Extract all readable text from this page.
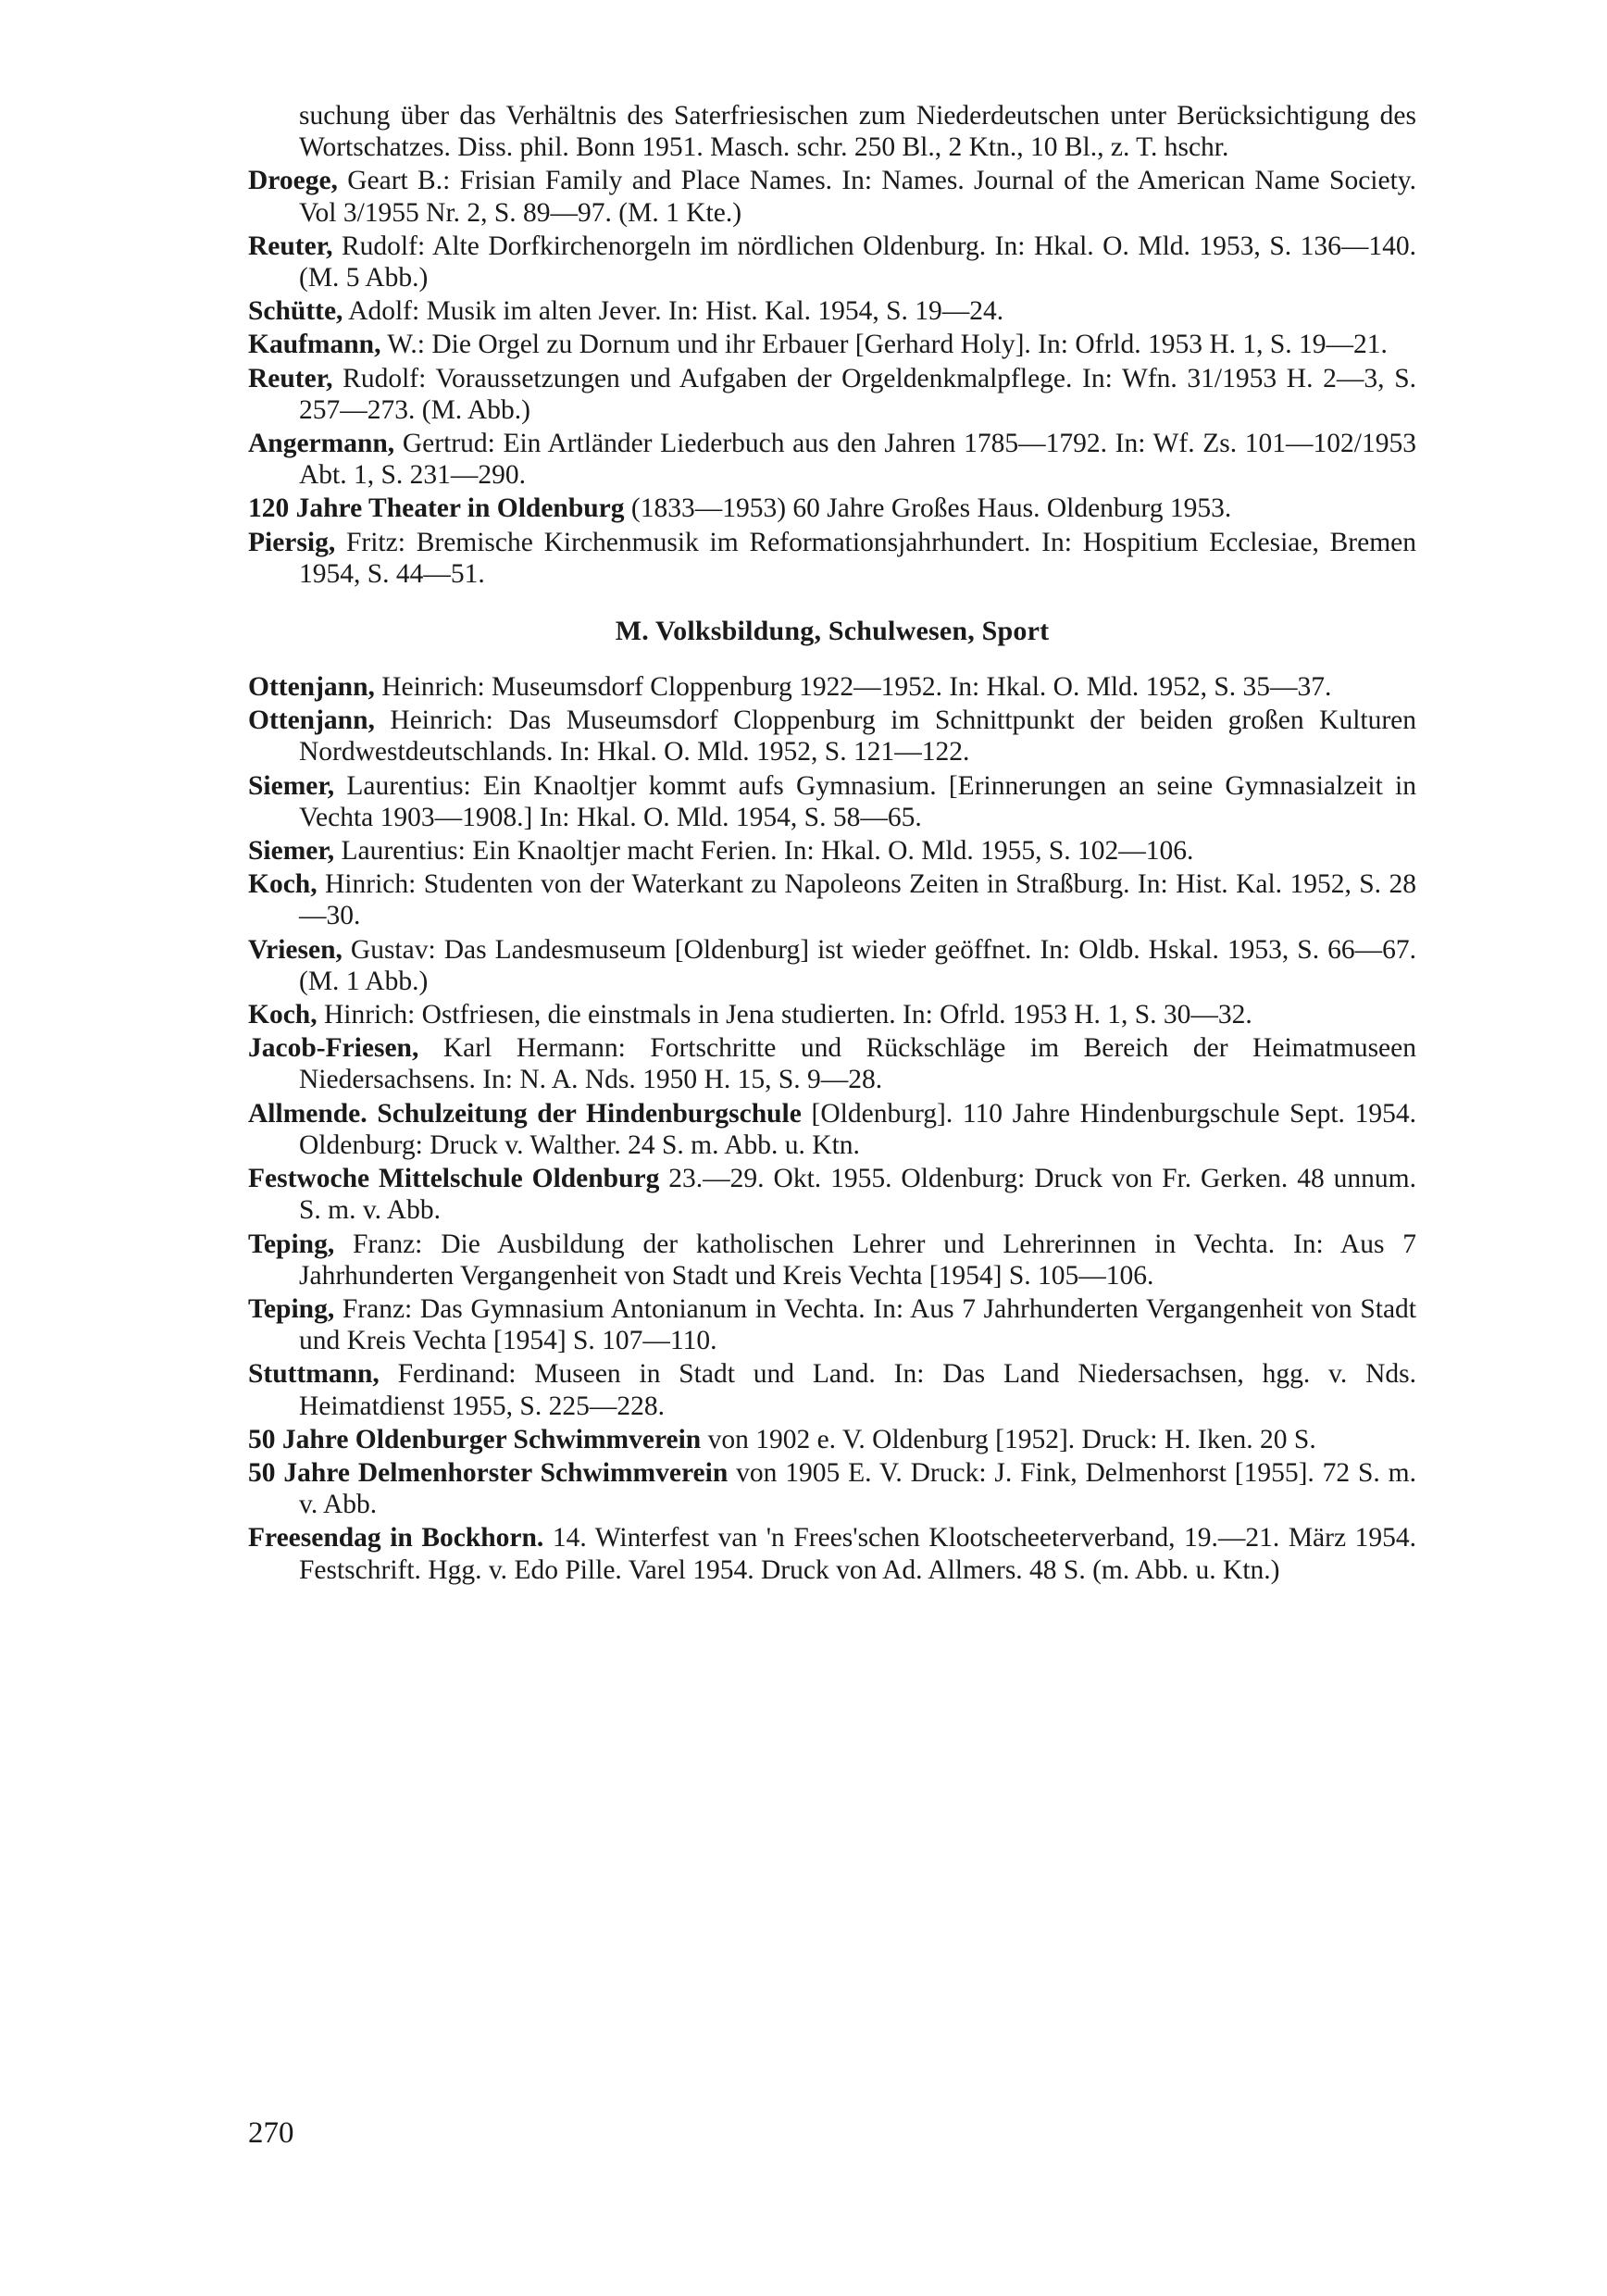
suchung über das Verhältnis des Saterfriesischen zum Niederdeutschen unter Berücksichtigung des Wortschatzes. Diss. phil. Bonn 1951. Masch. schr. 250 Bl., 2 Ktn., 10 Bl., z. T. hschr.

Droege, Geart B.: Frisian Family and Place Names. In: Names. Journal of the American Name Society. Vol 3/1955 Nr. 2, S. 89—97. (M. 1 Kte.)

Reuter, Rudolf: Alte Dorfkirchenorgeln im nördlichen Oldenburg. In: Hkal. O. Mld. 1953, S. 136—140. (M. 5 Abb.)

Schütte, Adolf: Musik im alten Jever. In: Hist. Kal. 1954, S. 19—24.

Kaufmann, W.: Die Orgel zu Dornum und ihr Erbauer [Gerhard Holy]. In: Ofrld. 1953 H. 1, S. 19—21.

Reuter, Rudolf: Voraussetzungen und Aufgaben der Orgeldenkmalpflege. In: Wfn. 31/1953 H. 2—3, S. 257—273. (M. Abb.)

Angermann, Gertrud: Ein Artländer Liederbuch aus den Jahren 1785—1792. In: Wf. Zs. 101—102/1953 Abt. 1, S. 231—290.

120 Jahre Theater in Oldenburg (1833—1953) 60 Jahre Großes Haus. Oldenburg 1953.

Piersig, Fritz: Bremische Kirchenmusik im Reformationsjahrhundert. In: Hospitium Ecclesiae, Bremen 1954, S. 44—51.

M. Volksbildung, Schulwesen, Sport

Ottenjann, Heinrich: Museumsdorf Cloppenburg 1922—1952. In: Hkal. O. Mld. 1952, S. 35—37.

Ottenjann, Heinrich: Das Museumsdorf Cloppenburg im Schnittpunkt der beiden großen Kulturen Nordwestdeutschlands. In: Hkal. O. Mld. 1952, S. 121—122.

Siemer, Laurentius: Ein Knaoltjer kommt aufs Gymnasium. [Erinnerungen an seine Gymnasialzeit in Vechta 1903—1908.] In: Hkal. O. Mld. 1954, S. 58—65.

Siemer, Laurentius: Ein Knaoltjer macht Ferien. In: Hkal. O. Mld. 1955, S. 102—106.

Koch, Hinrich: Studenten von der Waterkant zu Napoleons Zeiten in Straßburg. In: Hist. Kal. 1952, S. 28—30.

Vriesen, Gustav: Das Landesmuseum [Oldenburg] ist wieder geöffnet. In: Oldb. Hskal. 1953, S. 66—67. (M. 1 Abb.)

Koch, Hinrich: Ostfriesen, die einstmals in Jena studierten. In: Ofrld. 1953 H. 1, S. 30—32.

Jacob-Friesen, Karl Hermann: Fortschritte und Rückschläge im Bereich der Heimatmuseen Niedersachsens. In: N. A. Nds. 1950 H. 15, S. 9—28.

Allmende. Schulzeitung der Hindenburgschule [Oldenburg]. 110 Jahre Hindenburgschule Sept. 1954. Oldenburg: Druck v. Walther. 24 S. m. Abb. u. Ktn.

Festwoche Mittelschule Oldenburg 23.—29. Okt. 1955. Oldenburg: Druck von Fr. Gerken. 48 unnum. S. m. v. Abb.

Teping, Franz: Die Ausbildung der katholischen Lehrer und Lehrerinnen in Vechta. In: Aus 7 Jahrhunderten Vergangenheit von Stadt und Kreis Vechta [1954] S. 105—106.

Teping, Franz: Das Gymnasium Antonianum in Vechta. In: Aus 7 Jahrhunderten Vergangenheit von Stadt und Kreis Vechta [1954] S. 107—110.

Stuttmann, Ferdinand: Museen in Stadt und Land. In: Das Land Niedersachsen, hgg. v. Nds. Heimatdienst 1955, S. 225—228.

50 Jahre Oldenburger Schwimmverein von 1902 e. V. Oldenburg [1952]. Druck: H. Iken. 20 S.

50 Jahre Delmenhorster Schwimmverein von 1905 E. V. Druck: J. Fink, Delmenhorst [1955]. 72 S. m. v. Abb.

Freesendag in Bockhorn. 14. Winterfest van 'n Frees'schen Klootscheeterverband, 19.—21. März 1954. Festschrift. Hgg. v. Edo Pille. Varel 1954. Druck von Ad. Allmers. 48 S. (m. Abb. u. Ktn.)

270
